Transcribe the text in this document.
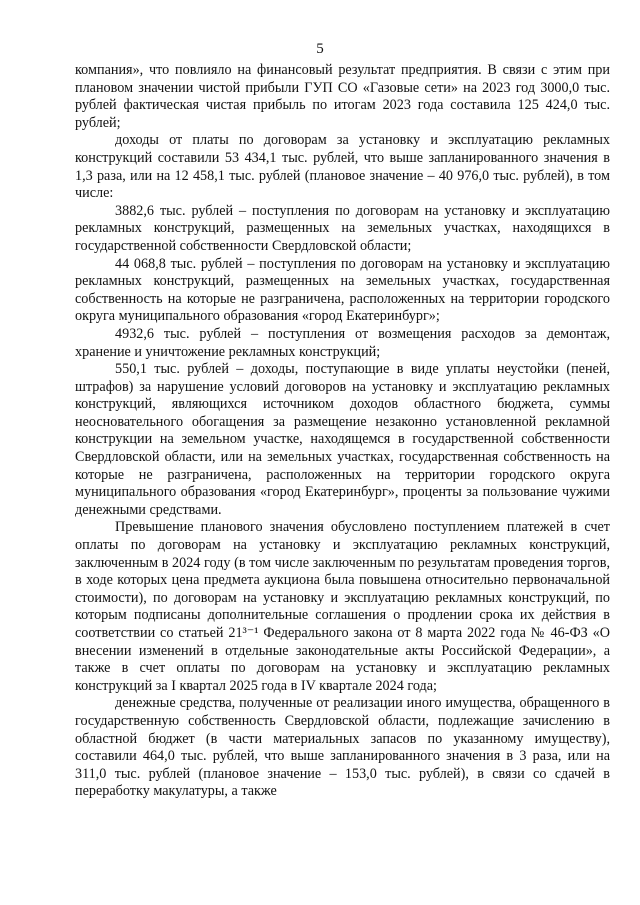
5

компания», что повлияло на финансовый результат предприятия. В связи с этим при плановом значении чистой прибыли ГУП СО «Газовые сети» на 2023 год 3000,0 тыс. рублей фактическая чистая прибыль по итогам 2023 года составила 125 424,0 тыс. рублей;

доходы от платы по договорам за установку и эксплуатацию рекламных конструкций составили 53 434,1 тыс. рублей, что выше запланированного значения в 1,3 раза, или на 12 458,1 тыс. рублей (плановое значение – 40 976,0 тыс. рублей), в том числе:

3882,6 тыс. рублей – поступления по договорам на установку и эксплуатацию рекламных конструкций, размещенных на земельных участках, находящихся в государственной собственности Свердловской области;

44 068,8 тыс. рублей – поступления по договорам на установку и эксплуатацию рекламных конструкций, размещенных на земельных участках, государственная собственность на которые не разграничена, расположенных на территории городского округа муниципального образования «город Екатеринбург»;

4932,6 тыс. рублей – поступления от возмещения расходов за демонтаж, хранение и уничтожение рекламных конструкций;

550,1 тыс. рублей – доходы, поступающие в виде уплаты неустойки (пеней, штрафов) за нарушение условий договоров на установку и эксплуатацию рекламных конструкций, являющихся источником доходов областного бюджета, суммы неосновательного обогащения за размещение незаконно установленной рекламной конструкции на земельном участке, находящемся в государственной собственности Свердловской области, или на земельных участках, государственная собственность на которые не разграничена, расположенных на территории городского округа муниципального образования «город Екатеринбург», проценты за пользование чужими денежными средствами.

Превышение планового значения обусловлено поступлением платежей в счет оплаты по договорам на установку и эксплуатацию рекламных конструкций, заключенным в 2024 году (в том числе заключенным по результатам проведения торгов, в ходе которых цена предмета аукциона была повышена относительно первоначальной стоимости), по договорам на установку и эксплуатацию рекламных конструкций, по которым подписаны дополнительные соглашения о продлении срока их действия в соответствии со статьей 21³⁻¹ Федерального закона от 8 марта 2022 года № 46-ФЗ «О внесении изменений в отдельные законодательные акты Российской Федерации», а также в счет оплаты по договорам на установку и эксплуатацию рекламных конструкций за I квартал 2025 года в IV квартале 2024 года;

денежные средства, полученные от реализации иного имущества, обращенного в государственную собственность Свердловской области, подлежащие зачислению в областной бюджет (в части материальных запасов по указанному имуществу), составили 464,0 тыс. рублей, что выше запланированного значения в 3 раза, или на 311,0 тыс. рублей (плановое значение – 153,0 тыс. рублей), в связи со сдачей в переработку макулатуры, а также
